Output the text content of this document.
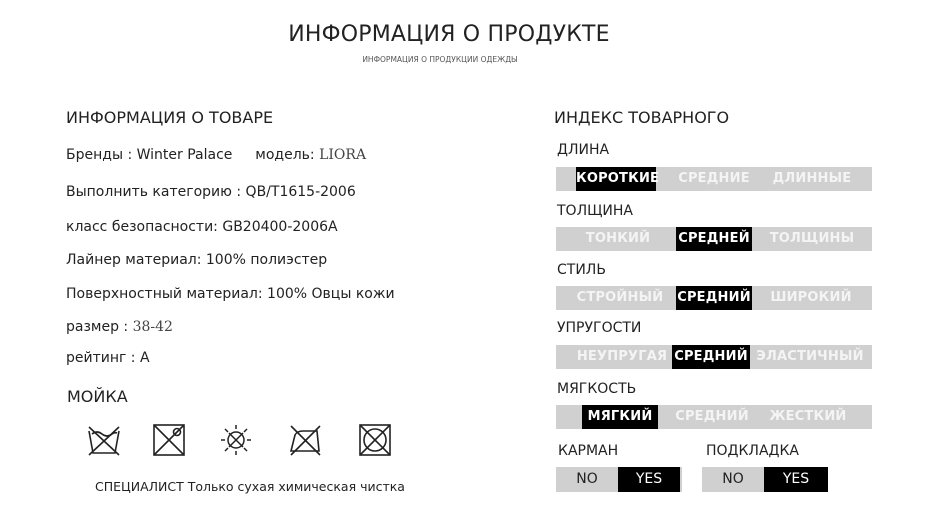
ИНФОРМАЦИЯ О ПРОДУКТЕ
ИНФОРМАЦИЯ О ПРОДУКЦИИ ОДЕЖДЫ
ИНФОРМАЦИЯ О ТОВАРЕ
Бренды : Winter Palace модель: LIORA
Выполнить категорию : QB/T1615-2006
класс безопасности: GB20400-2006A
Лайнер материал: 100% полиэстер
Поверхностный материал: 100% Овцы кожи
размер : 38-42
рейтинг : A
МОЙКА
СПЕЦИАЛИСТ Только сухая химическая чистка
ИНДЕКС ТОВАРНОГО
ДЛИНА
КОРОТКИЕ	СРЕДНИЕ	ДЛИННЫЕ
ТОЛЩИНА
ТОНКИЙ	СРЕДНЕЙ	ТОЛЩИНЫ
СТИЛЬ
СТРОЙНЫЙ СРЕДНИЙ	ШИРОКИЙ
УПРУГОСТИ
НЕУПРУГАЯ СРЕДНИЙ ЭЛАСТИЧНЫЙ
МЯГКОСТЬ
МЯГКИЙ	СРЕДНИЙ	ЖЕСТКИЙ
КАРМАН
NO	YES
ПОДКЛАДКА
NO	YES
